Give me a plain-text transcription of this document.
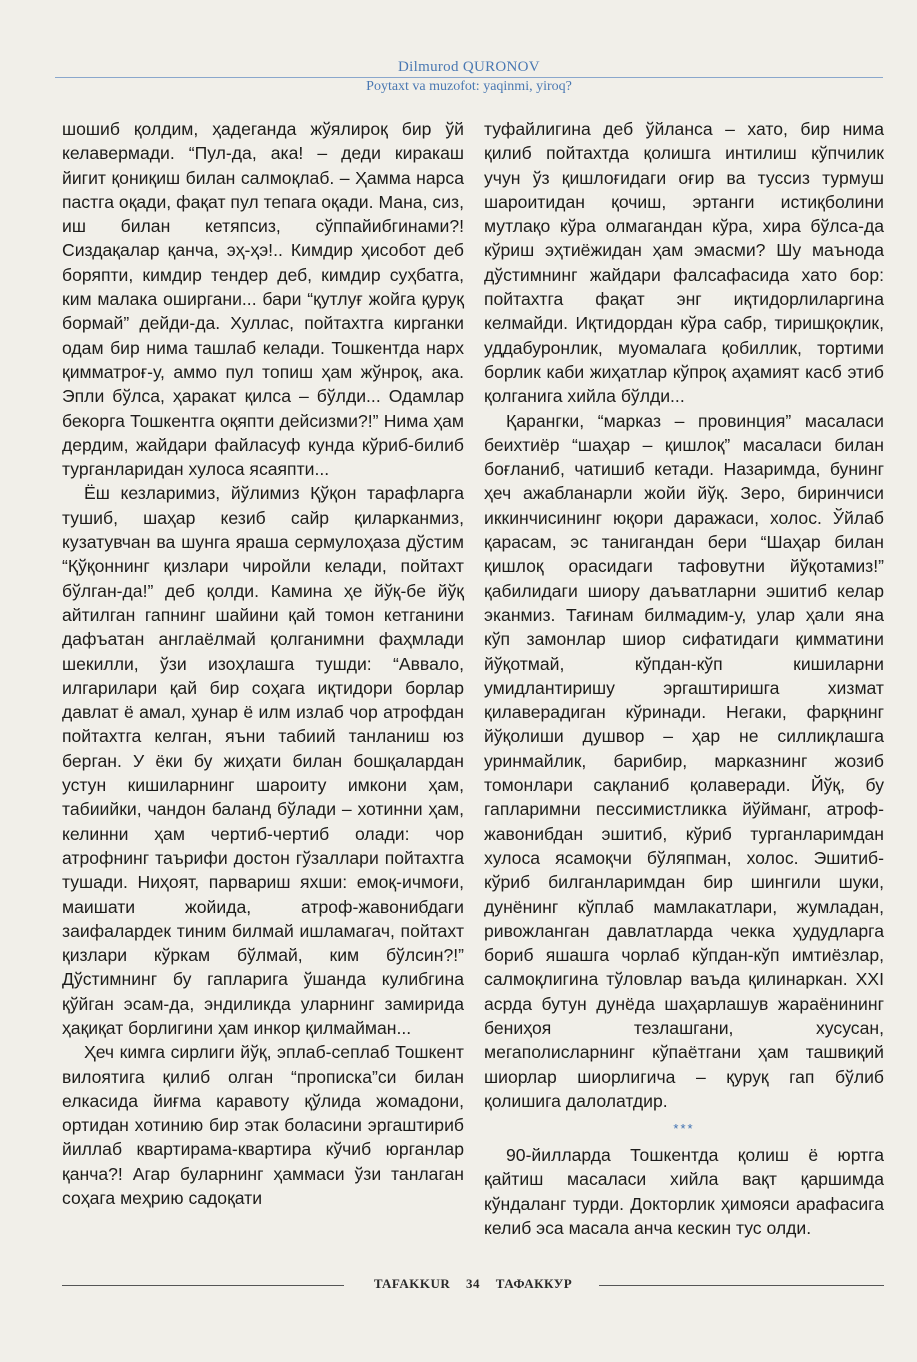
Dilmurod QURONOV
Poytaxt va muzofot: yaqinmi, yiroq?

шошиб қолдим, ҳадеганда жўялироқ бир ўй келавермади. “Пул-да, ака! – деди киракаш йигит қониқиш билан салмоқлаб. – Ҳамма нарса пастга оқади, фақат пул тепага оқади. Мана, сиз, иш билан кетяпсиз, сўппайибгинами?! Сиздақалар қанча, эҳ-ҳэ!.. Кимдир ҳисобот деб боряпти, кимдир тендер деб, кимдир суҳбатга, ким малака оширгани... бари “қутлуғ жойга қуруқ бормай” дейди-да. Хуллас, пойтахтга кирганки одам бир нима ташлаб келади. Тошкентда нарх қимматроғ-у, аммо пул топиш ҳам жўнроқ, ака. Эпли бўлса, ҳаракат қилса – бўлди... Одамлар бекорга Тошкентга оқяпти дейсизми?!” Нима ҳам дердим, жайдари файласуф кунда кўриб-билиб турганларидан хулоса ясаяпти...

Ёш кезларимиз, йўлимиз Қўқон тарафларга тушиб, шаҳар кезиб сайр қиларканмиз, кузатувчан ва шунга яраша сермулоҳаза дўстим “Қўқоннинг қизлари чиройли келади, пойтахт бўлган-да!” деб қолди. Камина ҳе йўқ-бе йўқ айтилган гапнинг шайини қай томон кетганини дафъатан англаёлмай қолганимни фаҳмлади шекилли, ўзи изоҳлашга тушди: “Аввало, илгарилари қай бир соҳага иқтидори борлар давлат ё амал, ҳунар ё илм излаб чор атрофдан пойтахтга келган, яъни табиий танланиш юз берган. У ёки бу жиҳати билан бошқалардан устун кишиларнинг шароиту имкони ҳам, табиийки, чандон баланд бўлади – хотинни ҳам, келинни ҳам чертиб-чертиб олади: чор атрофнинг таърифи достон гўзаллари пойтахтга тушади. Ниҳоят, парвариш яхши: емоқ-ичмоғи, маишати жойида, атроф-жавонибдаги заифалардек тиним билмай ишламагач, пойтахт қизлари кўркам бўлмай, ким бўлсин?!” Дўстимнинг бу гапларига ўшанда кулибгина қўйган эсам-да, эндиликда уларнинг замирида ҳақиқат борлигини ҳам инкор қилмайман...

Ҳеч кимга сирлиги йўқ, эплаб-сеплаб Тошкент вилоятига қилиб олган “прописка”си билан елкасида йиғма каравоту қўлида жомадони, ортидан хотинию бир этак боласини эргаштириб йиллаб квартирама-квартира кўчиб юрганлар қанча?! Агар буларнинг ҳаммаси ўзи танлаган соҳага меҳрию садоқати

туфайлигина деб ўйланса – хато, бир нима қилиб пойтахтда қолишга интилиш кўпчилик учун ўз қишлоғидаги оғир ва туссиз турмуш шароитидан қочиш, эртанги истиқболини мутлақо кўра олмагандан кўра, хира бўлса-да кўриш эҳтиёжидан ҳам эмасми? Шу маънода дўстимнинг жайдари фалсафасида хато бор: пойтахтга фақат энг иқтидорлиларгина келмайди. Иқтидордан кўра сабр, тиришқоқлик, уддабуронлик, муомалага қобиллик, тортими борлик каби жиҳатлар кўпроқ аҳамият касб этиб қолганига хийла бўлди...

Қарангки, “марказ – провинция” масаласи беихтиёр “шаҳар – қишлоқ” масаласи билан боғланиб, чатишиб кетади. Назаримда, бунинг ҳеч ажабланарли жойи йўқ. Зеро, биринчиси иккинчисининг юқори даражаси, холос. Ўйлаб қарасам, эс танигандан бери “Шаҳар билан қишлоқ орасидаги тафовутни йўқотамиз!” қабилидаги шиору даъватларни эшитиб келар эканмиз. Тағинам билмадим-у, улар ҳали яна кўп замонлар шиор сифатидаги қимматини йўқотмай, кўпдан-кўп кишиларни умидлантиришу эргаштиришга хизмат қилаверадиган кўринади. Негаки, фарқнинг йўқолиши душвор – ҳар не силлиқлашга уринмайлик, барибир, марказнинг жозиб томонлари сақланиб қолаверади. Йўқ, бу гапларимни пессимистликка йўйманг, атроф-жавонибдан эшитиб, кўриб турганларимдан хулоса ясамоқчи бўляпман, холос. Эшитиб-кўриб билганларимдан бир шингили шуки, дунёнинг кўплаб мамлакатлари, жумладан, ривожланган давлатларда чекка ҳудудларга бориб яшашга чорлаб кўпдан-кўп имтиёзлар, салмоқлигина тўловлар ваъда қилинаркан. XXI асрда бутун дунёда шаҳарлашув жараёнининг бениҳоя тезлашгани, хусусан, мегаполисларнинг кўпаётгани ҳам ташвиқий шиорлар шиорлигича – қуруқ гап бўлиб қолишига далолатдир.

***

90-йилларда Тошкентда қолиш ё юртга қайтиш масаласи хийла вақт қаршимда кўндаланг турди. Докторлик ҳимояси арафасига келиб эса масала анча кескин тус олди.

TAFAKKUR 34 ТАФАККУР
